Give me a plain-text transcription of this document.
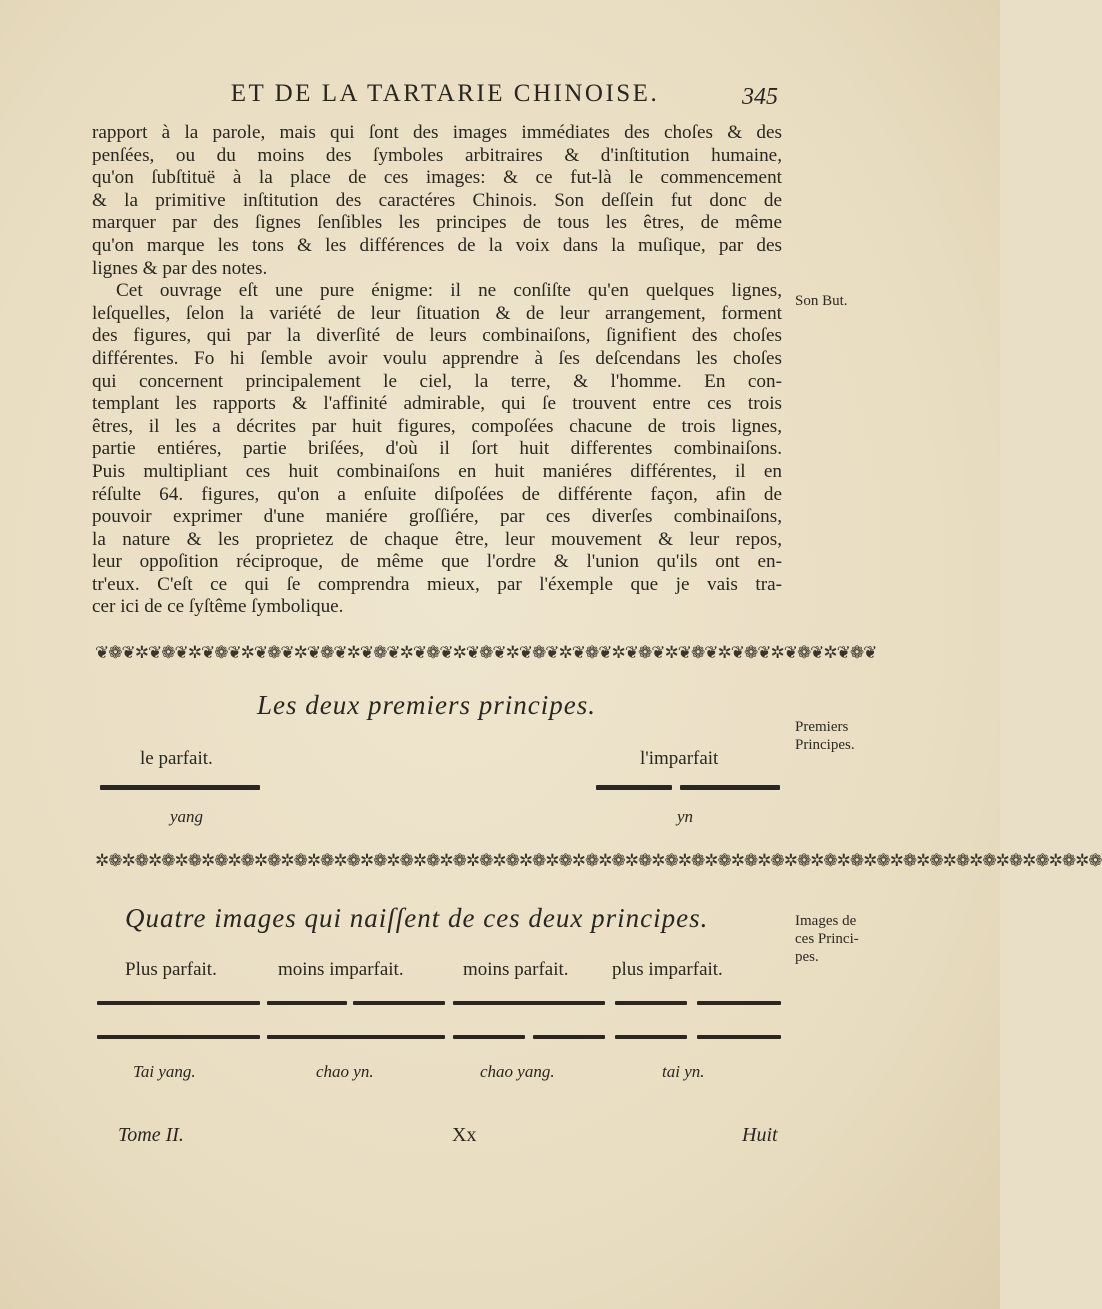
ET DE LA TARTARIE CHINOISE.	345
rapport à la parole, mais qui ſont des images immédiates des choſes & des
penſées, ou du moins des ſymboles arbitraires & d'inſtitution humaine,
qu'on ſubſtituë à la place de ces images: & ce fut-là le commencement
& la primitive inſtitution des caractéres Chinois. Son deſſein fut donc de
marquer par des ſignes ſenſibles les principes de tous les êtres, de même
qu'on marque les tons & les différences de la voix dans la muſique, par des
lignes & par des notes.
Cet ouvrage eſt une pure énigme: il ne conſiſte qu'en quelques lignes,
leſquelles, ſelon la variété de leur ſituation & de leur arrangement, forment
des figures, qui par la diverſité de leurs combinaiſons, ſignifient des choſes
différentes. Fo hi ſemble avoir voulu apprendre à ſes deſcendans les choſes
qui concernent principalement le ciel, la terre, & l'homme. En con-
templant les rapports & l'affinité admirable, qui ſe trouvent entre ces trois
êtres, il les a décrites par huit figures, compoſées chacune de trois lignes,
partie entiéres, partie briſées, d'où il ſort huit differentes combinaiſons.
Puis multipliant ces huit combinaiſons en huit maniéres différentes, il en
réſulte 64. figures, qu'on a enſuite diſpoſées de différente façon, afin de
pouvoir exprimer d'une maniére groſſiére, par ces diverſes combinaiſons,
la nature & les proprietez de chaque être, leur mouvement & leur repos,
leur oppoſition réciproque, de même que l'ordre & l'union qu'ils ont en-
tr'eux. C'eſt ce qui ſe comprendra mieux, par l'éxemple que je vais tra-
cer ici de ce ſyſtême ſymbolique.
Son But.
❦❁❦✲❦❁❦✲❦❁❦✲❦❁❦✲❦❁❦✲❦❁❦✲❦❁❦✲❦❁❦✲❦❁❦✲❦❁❦✲❦❁❦✲❦❁❦✲❦❁❦✲❦❁❦✲❦❁❦
Les deux premiers principes.
Premiers
Principes.
le parfait.	l'imparfait
yang	yn
✲❁✲❁✲❁✲❁✲❁✲❁✲❁✲❁✲❁✲❁✲❁✲❁✲❁✲❁✲❁✲❁✲❁✲❁✲❁✲❁✲❁✲❁✲❁✲❁✲❁✲❁✲❁✲❁✲❁✲❁✲❁✲❁✲❁✲❁✲❁✲❁✲❁✲❁
Quatre images qui naiſſent de ces deux principes.	Images de
ces Princi-
pes.
Plus parfait.	moins imparfait.	moins parfait. plus imparfait.
Tai yang.	chao yn.	chao yang.	tai yn.
Tome II.	Xx	Huit
